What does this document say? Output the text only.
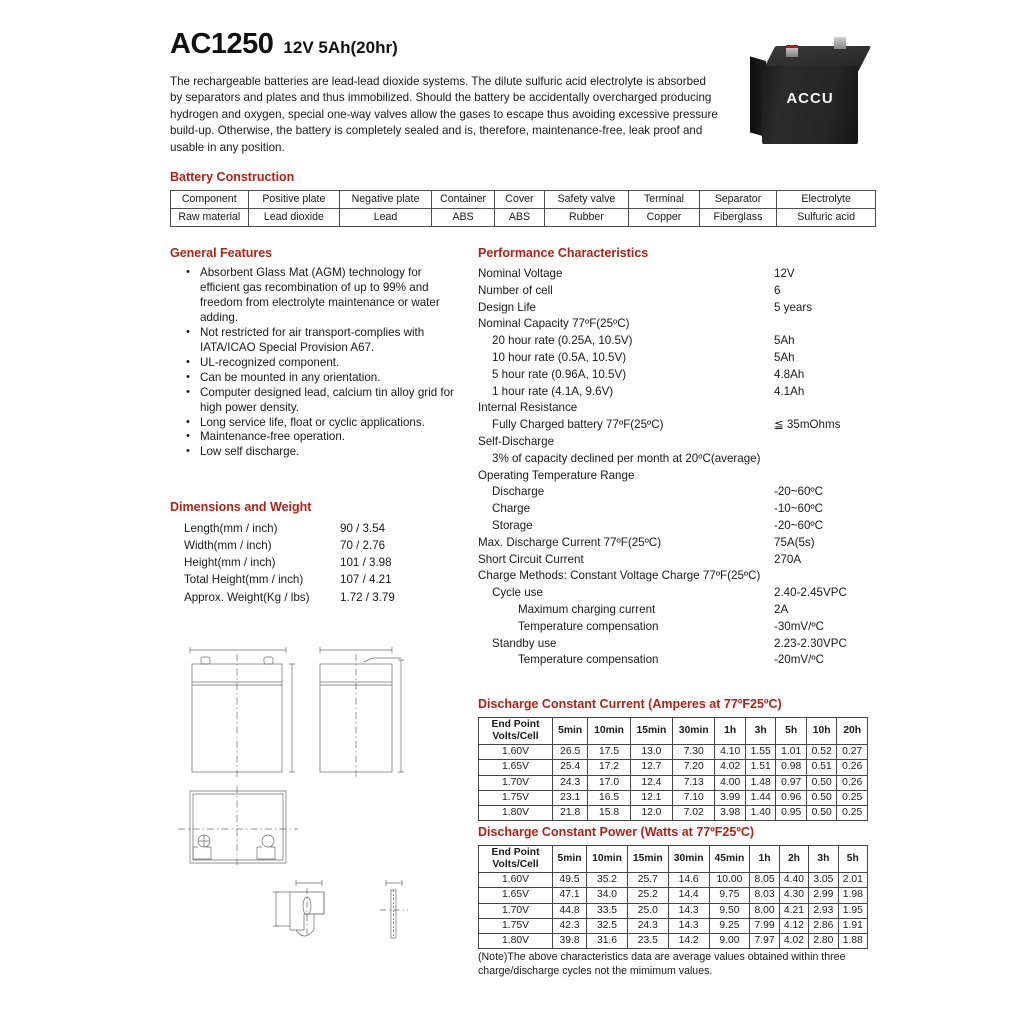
AC1250 12V 5Ah(20hr)
The rechargeable batteries are lead-lead dioxide systems. The dilute sulfuric acid electrolyte is absorbed by separators and plates and thus immobilized. Should the battery be accidentally overcharged producing hydrogen and oxygen, special one-way valves allow the gases to escape thus avoiding excessive pressure build-up. Otherwise, the battery is completely sealed and is, therefore, maintenance-free, leak proof and usable in any position.
ACCU
Battery Construction
Component	Positive plate	Negative plate	Container	Cover	Safety valve	Terminal	Separator	Electrolyte
Raw material	Lead dioxide	Lead	ABS	ABS	Rubber	Copper	Fiberglass	Sulfuric acid
General Features
• Absorbent Glass Mat (AGM) technology for efficient gas recombination of up to 99% and freedom from electrolyte maintenance or water adding.
• Not restricted for air transport-complies with IATA/ICAO Special Provision A67.
• UL-recognized component.
• Can be mounted in any orientation.
• Computer designed lead, calcium tin alloy grid for high power density.
• Long service life, float or cyclic applications.
• Maintenance-free operation.
• Low self discharge.
Dimensions and Weight
Length(mm / inch)	90 / 3.54
Width(mm / inch)	70 / 2.76
Height(mm / inch)	101 / 3.98
Total Height(mm / inch)	107 / 4.21
Approx. Weight(Kg / lbs)	1.72 / 3.79
Performance Characteristics
Nominal Voltage	12V
Number of cell	6
Design Life	5 years
Nominal Capacity 77ºF(25ºC)
20 hour rate (0.25A, 10.5V)	5Ah
10 hour rate (0.5A, 10.5V)	5Ah
5 hour rate (0.96A, 10.5V)	4.8Ah
1 hour rate (4.1A, 9.6V)	4.1Ah
Internal Resistance
Fully Charged battery 77ºF(25ºC)	≦ 35mOhms
Self-Discharge
3% of capacity declined per month at 20ºC(average)
Operating Temperature Range
Discharge	-20~60ºC
Charge	-10~60ºC
Storage	-20~60ºC
Max. Discharge Current 77ºF(25ºC)	75A(5s)
Short Circuit Current	270A
Charge Methods: Constant Voltage Charge 77ºF(25ºC)
Cycle use	2.40-2.45VPC
Maximum charging current	2A
Temperature compensation	-30mV/ºC
Standby use	2.23-2.30VPC
Temperature compensation	-20mV/ºC
Discharge Constant Current (Amperes at 77ºF25ºC)
End Point
Volts/Cell	5min	10min	15min	30min	1h	3h	5h	10h	20h
1.60V	26.5	17.5	13.0	7.30	4.10	1.55	1.01	0.52	0.27
1.65V	25.4	17.2	12.7	7.20	4.02	1.51	0.98	0.51	0.26
1.70V	24.3	17.0	12.4	7.13	4.00	1.48	0.97	0.50	0.26
1.75V	23.1	16.5	12.1	7.10	3.99	1.44	0.96	0.50	0.25
1.80V	21.8	15.8	12.0	7.02	3.98	1.40	0.95	0.50	0.25
Discharge Constant Power (Watts at 77ºF25ºC)
End Point
Volts/Cell	5min	10min	15min	30min	45min	1h	2h	3h	5h
1.60V	49.5	35.2	25.7	14.6	10.00	8.05	4.40	3.05	2.01
1.65V	47.1	34.0	25.2	14.4	9.75	8.03	4.30	2.99	1.98
1.70V	44.8	33.5	25.0	14.3	9.50	8.00	4.21	2.93	1.95
1.75V	42.3	32.5	24.3	14.3	9.25	7.99	4.12	2.86	1.91
1.80V	39.8	31.6	23.5	14.2	9.00	7.97	4.02	2.80	1.88
(Note)The above characteristics data are average values obtained within three charge/discharge cycles not the mimimum values.
